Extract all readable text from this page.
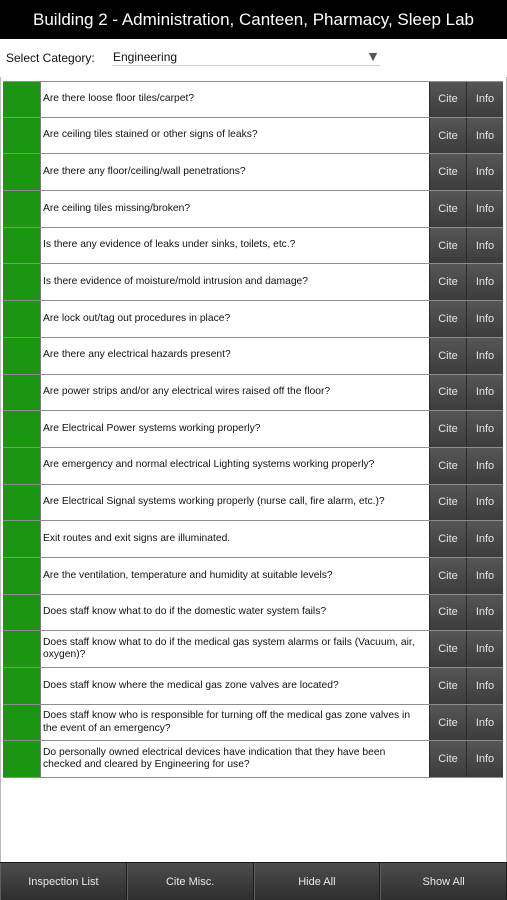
Building 2 - Administration, Canteen, Pharmacy, Sleep Lab
Select Category: Engineering	▼
Are there loose floor tiles/carpet?	Cite	Info
Are ceiling tiles stained or other signs of leaks?	Cite	Info
Are there any floor/ceiling/wall penetrations?	Cite	Info
Are ceiling tiles missing/broken?	Cite	Info
Is there any evidence of leaks under sinks, toilets, etc.?	Cite	Info
Is there evidence of moisture/mold intrusion and damage?	Cite	Info
Are lock out/tag out procedures in place?	Cite	Info
Are there any electrical hazards present?	Cite	Info
Are power strips and/or any electrical wires raised off the floor?	Cite	Info
Are Electrical Power systems working properly?	Cite	Info
Are emergency and normal electrical Lighting systems working properly?	Cite	Info
Are Electrical Signal systems working properly (nurse call, fire alarm, etc.)?	Cite	Info
Exit routes and exit signs are illuminated.	Cite	Info
Are the ventilation, temperature and humidity at suitable levels?	Cite	Info
Does staff know what to do if the domestic water system fails?	Cite	Info
Does staff know what to do if the medical gas system alarms or fails (Vacuum, air, oxygen)?	Cite	Info
Does staff know where the medical gas zone valves are located?	Cite	Info
Does staff know who is responsible for turning off the medical gas zone valves in the event of an emergency?	Cite	Info
Do personally owned electrical devices have indication that they have been checked and cleared by Engineering for use?	Cite	Info
Inspection List	Cite Misc.	Hide All	Show All
